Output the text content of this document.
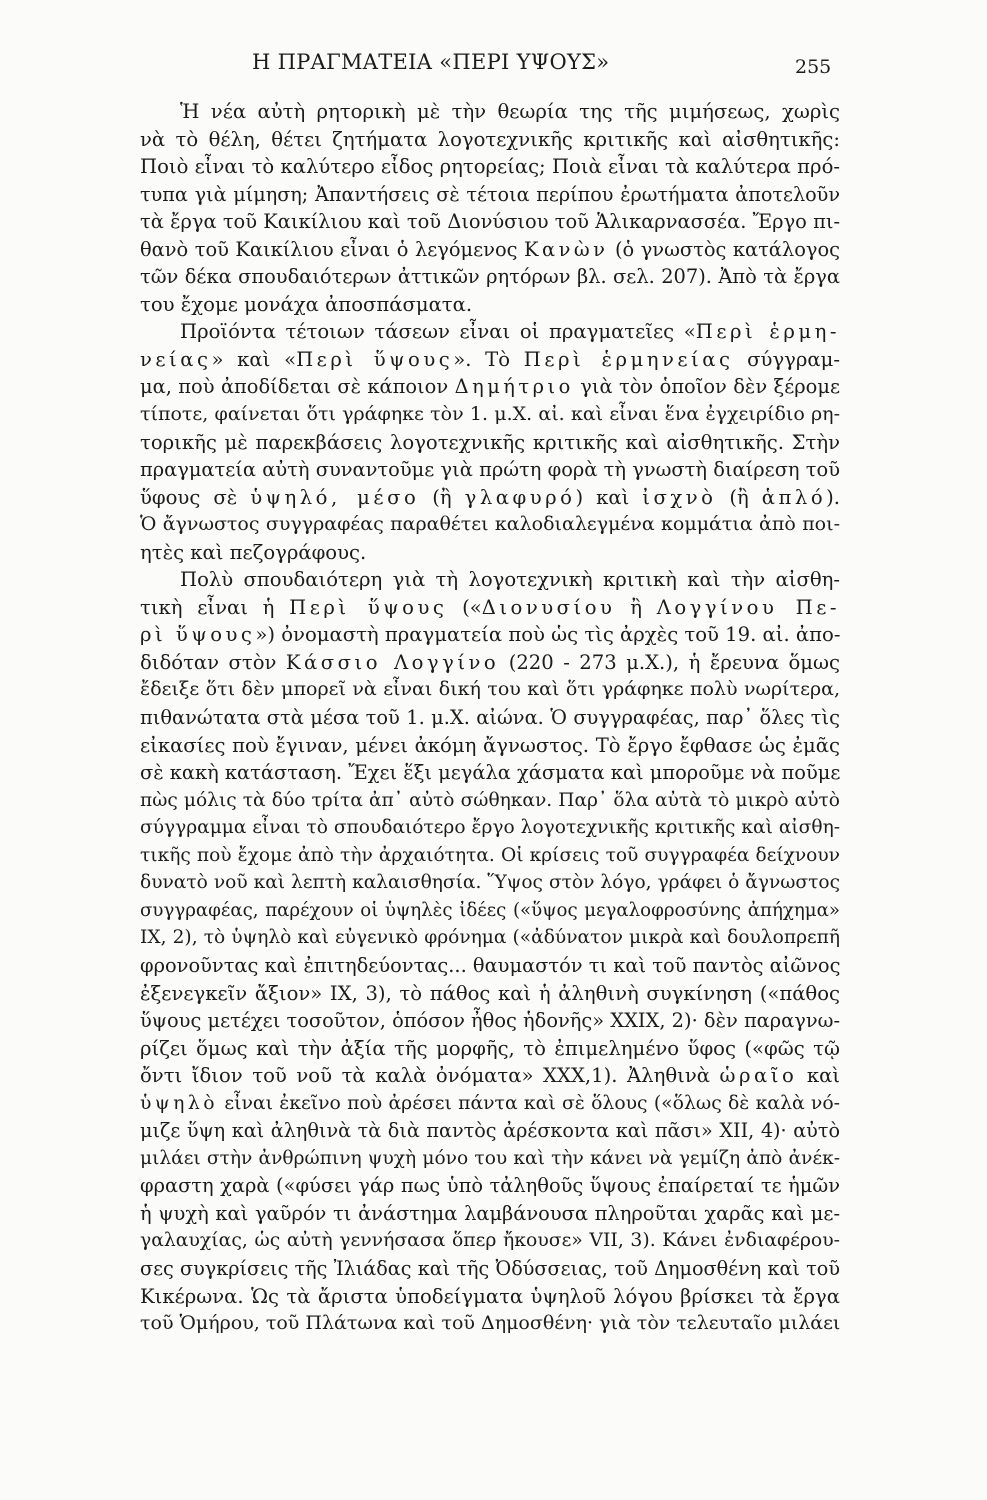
Η ΠΡΑΓΜΑΤΕΙΑ «ΠΕΡΙ ΥΨΟΥΣ»	255
Ἡ νέα αὐτὴ ρητορικὴ μὲ τὴν θεωρία της τῆς μιμήσεως, χωρὶς
νὰ τὸ θέλη, θέτει ζητήματα λογοτεχνικῆς κριτικῆς καὶ αἰσθητικῆς:
Ποιὸ εἶναι τὸ καλύτερο εἶδος ρητορείας; Ποιὰ εἶναι τὰ καλύτερα πρό-
τυπα γιὰ μίμηση; Ἀπαντήσεις σὲ τέτοια περίπου ἐρωτήματα ἀποτελοῦν
τὰ ἔργα τοῦ Καικίλιου καὶ τοῦ Διονύσιου τοῦ Ἁλικαρνασσέα. Ἔργο πι-
θανὸ τοῦ Καικίλιου εἶναι ὁ λεγόμενος Κανὼν (ὁ γνωστὸς κατάλογος
τῶν δέκα σπουδαιότερων ἀττικῶν ρητόρων βλ. σελ. 207). Ἀπὸ τὰ ἔργα
του ἔχομε μονάχα ἀποσπάσματα.
Προϊόντα τέτοιων τάσεων εἶναι οἱ πραγματεῖες «Περὶ ἑρμη-
νείας» καὶ «Περὶ ὕψους». Τὸ Περὶ ἑρμηνείας σύγγραμ-
μα, ποὺ ἀποδίδεται σὲ κάποιον Δημήτριο γιὰ τὸν ὁποῖον δὲν ξέρομε
τίποτε, φαίνεται ὅτι γράφηκε τὸν 1. μ.Χ. αἰ. καὶ εἶναι ἕνα ἐγχειρίδιο ρη-
τορικῆς μὲ παρεκβάσεις λογοτεχνικῆς κριτικῆς καὶ αἰσθητικῆς. Στὴν
πραγματεία αὐτὴ συναντοῦμε γιὰ πρώτη φορὰ τὴ γνωστὴ διαίρεση τοῦ
ὕφους σὲ ὑψηλό, μέσο (ἢ γλαφυρό) καὶ ἰσχνὸ (ἢ ἁπλό).
Ὁ ἄγνωστος συγγραφέας παραθέτει καλοδιαλεγμένα κομμάτια ἀπὸ ποι-
ητὲς καὶ πεζογράφους.
Πολὺ σπουδαιότερη γιὰ τὴ λογοτεχνικὴ κριτικὴ καὶ τὴν αἰσθη-
τικὴ εἶναι ἡ Περὶ ὕψους («Διονυσίου ἢ Λογγίνου Πε-
ρὶ ὕψους») ὀνομαστὴ πραγματεία ποὺ ὡς τὶς ἀρχὲς τοῦ 19. αἰ. ἀπο-
διδόταν στὸν Κάσσιο Λογγίνο (220 - 273 μ.Χ.), ἡ ἔρευνα ὅμως
ἔδειξε ὅτι δὲν μπορεῖ νὰ εἶναι δική του καὶ ὅτι γράφηκε πολὺ νωρίτερα,
πιθανώτατα στὰ μέσα τοῦ 1. μ.Χ. αἰώνα. Ὁ συγγραφέας, παρ᾽ ὅλες τὶς
εἰκασίες ποὺ ἔγιναν, μένει ἀκόμη ἄγνωστος. Τὸ ἔργο ἔφθασε ὡς ἐμᾶς
σὲ κακὴ κατάσταση. Ἔχει ἕξι μεγάλα χάσματα καὶ μποροῦμε νὰ ποῦμε
πὼς μόλις τὰ δύο τρίτα ἀπ᾽ αὐτὸ σώθηκαν. Παρ᾽ ὅλα αὐτὰ τὸ μικρὸ αὐτὸ
σύγγραμμα εἶναι τὸ σπουδαιότερο ἔργο λογοτεχνικῆς κριτικῆς καὶ αἰσθη-
τικῆς ποὺ ἔχομε ἀπὸ τὴν ἀρχαιότητα. Οἱ κρίσεις τοῦ συγγραφέα δείχνουν
δυνατὸ νοῦ καὶ λεπτὴ καλαισθησία. Ὕψος στὸν λόγο, γράφει ὁ ἄγνωστος
συγγραφέας, παρέχουν οἱ ὑψηλὲς ἰδέες («ὕψος μεγαλοφροσύνης ἀπήχημα»
ΙΧ, 2), τὸ ὑψηλὸ καὶ εὐγενικὸ φρόνημα («ἀδύνατον μικρὰ καὶ δουλοπρεπῆ
φρονοῦντας καὶ ἐπιτηδεύοντας... θαυμαστόν τι καὶ τοῦ παντὸς αἰῶνος
ἐξενεγκεῖν ἄξιον» ΙΧ, 3), τὸ πάθος καὶ ἡ ἀληθινὴ συγκίνηση («πάθος
ὕψους μετέχει τοσοῦτον, ὁπόσον ἦθος ἡδονῆς» ΧΧΙΧ, 2)· δὲν παραγνω-
ρίζει ὅμως καὶ τὴν ἀξία τῆς μορφῆς, τὸ ἐπιμελημένο ὕφος («φῶς τῷ
ὄντι ἴδιον τοῦ νοῦ τὰ καλὰ ὀνόματα» ΧΧΧ,1). Ἀληθινὰ ὡραῖο καὶ
ὑψηλὸ εἶναι ἐκεῖνο ποὺ ἀρέσει πάντα καὶ σὲ ὅλους («ὅλως δὲ καλὰ νό-
μιζε ὕψη καὶ ἀληθινὰ τὰ διὰ παντὸς ἀρέσκοντα καὶ πᾶσι» ΧΙΙ, 4)· αὐτὸ
μιλάει στὴν ἀνθρώπινη ψυχὴ μόνο του καὶ τὴν κάνει νὰ γεμίζη ἀπὸ ἀνέκ-
φραστη χαρὰ («φύσει γάρ πως ὑπὸ τἀληθοῦς ὕψους ἐπαίρεταί τε ἡμῶν
ἡ ψυχὴ καὶ γαῦρόν τι ἀνάστημα λαμβάνουσα πληροῦται χαρᾶς καὶ με-
γαλαυχίας, ὡς αὐτὴ γεννήσασα ὅπερ ἤκουσε» VII, 3). Κάνει ἐνδιαφέρου-
σες συγκρίσεις τῆς Ἰλιάδας καὶ τῆς Ὀδύσσειας, τοῦ Δημοσθένη καὶ τοῦ
Κικέρωνα. Ὡς τὰ ἄριστα ὑποδείγματα ὑψηλοῦ λόγου βρίσκει τὰ ἔργα
τοῦ Ὁμήρου, τοῦ Πλάτωνα καὶ τοῦ Δημοσθένη· γιὰ τὸν τελευταῖο μιλάει
